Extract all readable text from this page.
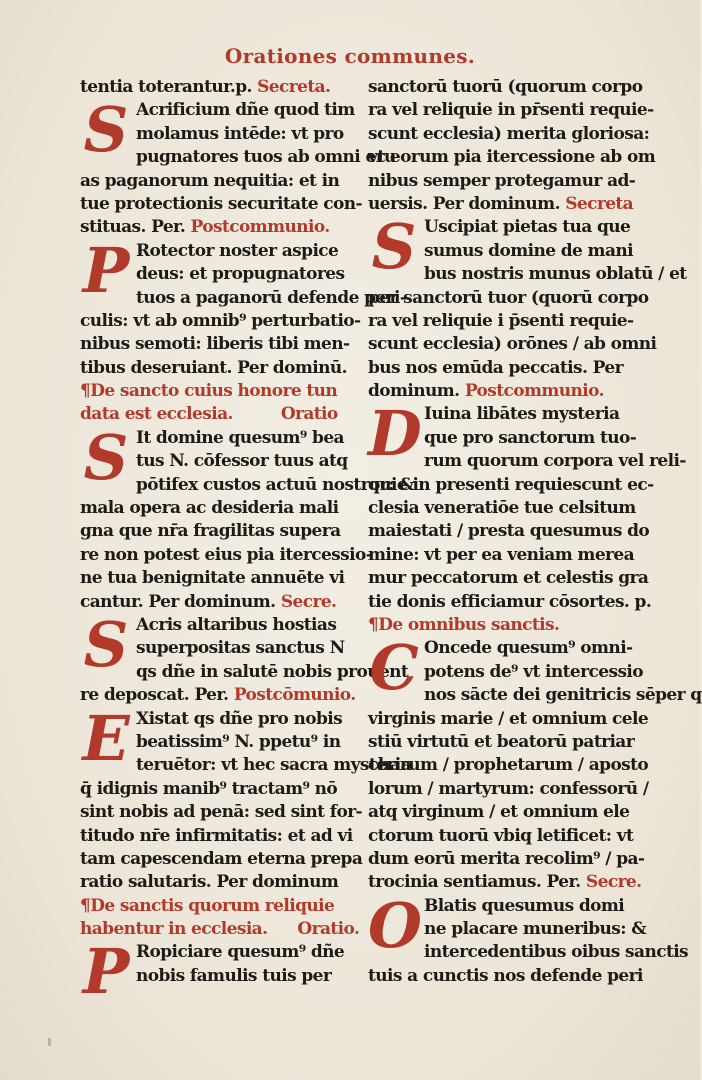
Orationes communes.
tentia toterantur.p. Secreta.
S Acrificium dñe quod tim
molamus intēde: vt pro
pugnatores tuos ab omni eru
as paganorum nequitia: et in
tue protectionis securitate con-
stituas. Per. Postcommunio.
P Rotector noster aspice
deus: et propugnatores
tuos a paganorū defende peri-
culis: vt ab omnib⁹ perturbatio-
nibus semoti: liberis tibi men-
tibus deseruiant. Per dominū.
¶De sancto cuius honore tun
data est ecclesia.	Oratio
S It domine quesum⁹ bea
tus N. cōfessor tuus atq
pōtifex custos actuū nostror: &
mala opera ac desideria mali
gna que nr̄a fragilitas supera
re non potest eius pia itercessio-
ne tua benignitate annuēte vi
cantur. Per dominum. Secre.
S Acris altaribus hostias
superpositas sanctus N
qs dñe in salutē nobis prouent
re deposcat. Per. Postcōmunio.
E Xistat qs dñe pro nobis
beatissim⁹ N. ppetu⁹ in
teruētor: vt hec sacra mysteria
q̄ idignis manib⁹ tractam⁹ nō
sint nobis ad penā: sed sint for-
titudo nr̄e infirmitatis: et ad vi
tam capescendam eterna prepa
ratio salutaris. Per dominum
¶De sanctis quorum reliquie
habentur in ecclesia. Oratio.
P Ropiciare quesum⁹ dñe
nobis famulis tuis per
sanctorū tuorū (quorum corpo
ra vel reliquie in pr̄senti requie-
scunt ecclesia) merita gloriosa:
vt eorum pia itercessione ab om
nibus semper protegamur ad-
uersis. Per dominum. Secreta
S Uscipiat pietas tua que
sumus domine de mani
bus nostris munus oblatū / et
per sanctorū tuor (quorū corpo
ra vel reliquie i p̄senti requie-
scunt ecclesia) orōnes / ab omni
bus nos emūda peccatis. Per
dominum. Postcommunio.
D Iuina libātes mysteria
que pro sanctorum tuo-
rum quorum corpora vel reli-
quie in presenti requiescunt ec-
clesia veneratiōe tue celsitum
maiestati / presta quesumus do
mine: vt per ea veniam merea
mur peccatorum et celestis gra
tie donis efficiamur cōsortes. p.
¶De omnibus sanctis.
C Oncede quesum⁹ omni-
potens de⁹ vt intercessio
nos sācte dei genitricis sēper q
virginis marie / et omnium cele
stiū virtutū et beatorū patriar
charum / prophetarum / aposto
lorum / martyrum: confessorū /
atq virginum / et omnium ele
ctorum tuorū vbiq letificet: vt
dum eorū merita recolim⁹ / pa-
trocinia sentiamus. Per. Secre.
O Blatis quesumus domi
ne placare muneribus: &
intercedentibus oibus sanctis
tuis a cunctis nos defende peri
